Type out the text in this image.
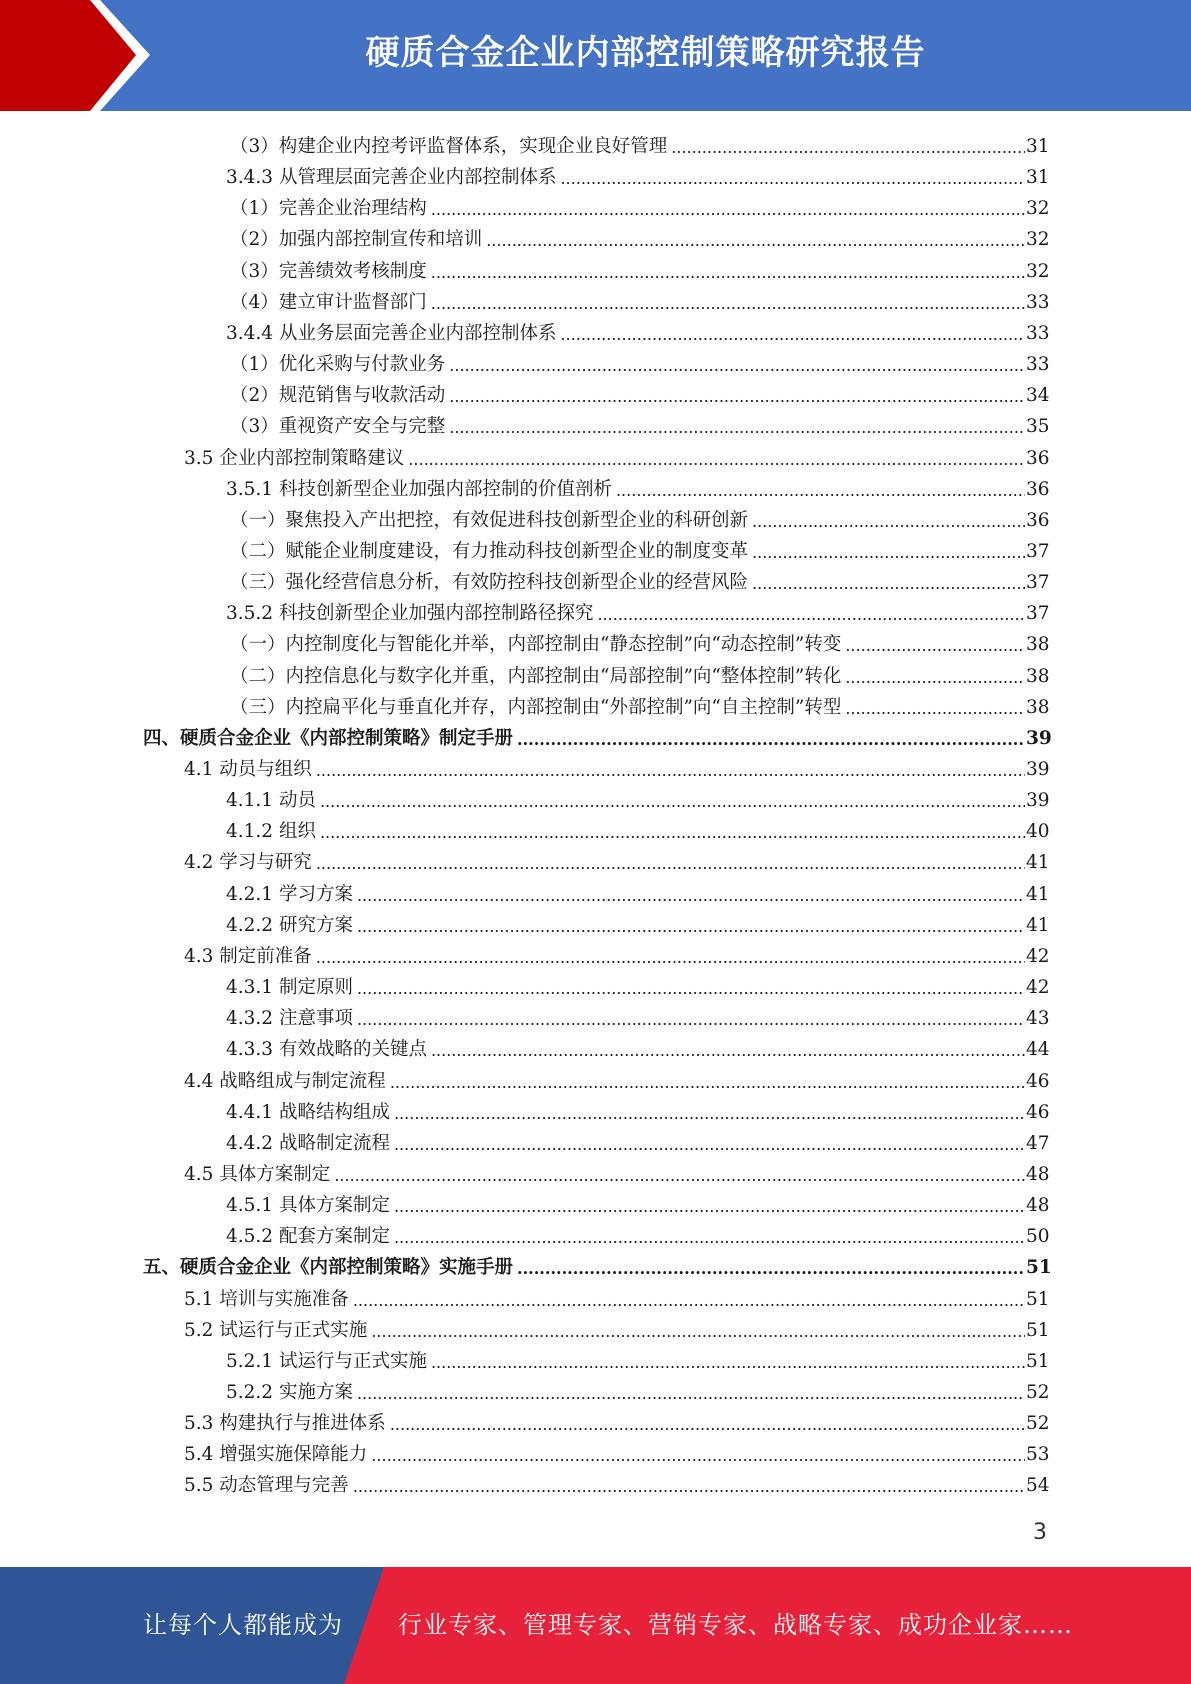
硬质合金企业内部控制策略研究报告
（3）构建企业内控考评监督体系，实现企业良好管理 .....	31
3.4.3 从管理层面完善企业内部控制体系 .....	31
（1）完善企业治理结构 .....	32
（2）加强内部控制宣传和培训 .....	32
（3）完善绩效考核制度 .....	32
（4）建立审计监督部门 .....	33
3.4.4 从业务层面完善企业内部控制体系 .....	33
（1）优化采购与付款业务 .....	33
（2）规范销售与收款活动 .....	34
（3）重视资产安全与完整 .....	35
3.5 企业内部控制策略建议 .....	36
3.5.1 科技创新型企业加强内部控制的价值剖析 .....	36
（一）聚焦投入产出把控，有效促进科技创新型企业的科研创新 .....	36
（二）赋能企业制度建设，有力推动科技创新型企业的制度变革 .....	37
（三）强化经营信息分析，有效防控科技创新型企业的经营风险 .....	37
3.5.2 科技创新型企业加强内部控制路径探究 .....	37
（一）内控制度化与智能化并举，内部控制由“静态控制”向“动态控制”转变 .....	38
（二）内控信息化与数字化并重，内部控制由“局部控制”向“整体控制”转化 .....	38
（三）内控扁平化与垂直化并存，内部控制由“外部控制”向“自主控制”转型 .....	38
四、硬质合金企业《内部控制策略》制定手册 .....	39
4.1 动员与组织 .....	39
4.1.1 动员 .....	39
4.1.2 组织 .....	40
4.2 学习与研究 .....	41
4.2.1 学习方案 .....	41
4.2.2 研究方案 .....	41
4.3 制定前准备 .....	42
4.3.1 制定原则 .....	42
4.3.2 注意事项 .....	43
4.3.3 有效战略的关键点 .....	44
4.4 战略组成与制定流程 .....	46
4.4.1 战略结构组成 .....	46
4.4.2 战略制定流程 .....	47
4.5 具体方案制定 .....	48
4.5.1 具体方案制定 .....	48
4.5.2 配套方案制定 .....	50
五、硬质合金企业《内部控制策略》实施手册 .....	51
5.1 培训与实施准备 .....	51
5.2 试运行与正式实施 .....	51
5.2.1 试运行与正式实施 .....	51
5.2.2 实施方案 .....	52
5.3 构建执行与推进体系 .....	52
5.4 增强实施保障能力 .....	53
5.5 动态管理与完善 .....	54
3
让每个人都能成为 行业专家、管理专家、营销专家、战略专家、成功企业家……
